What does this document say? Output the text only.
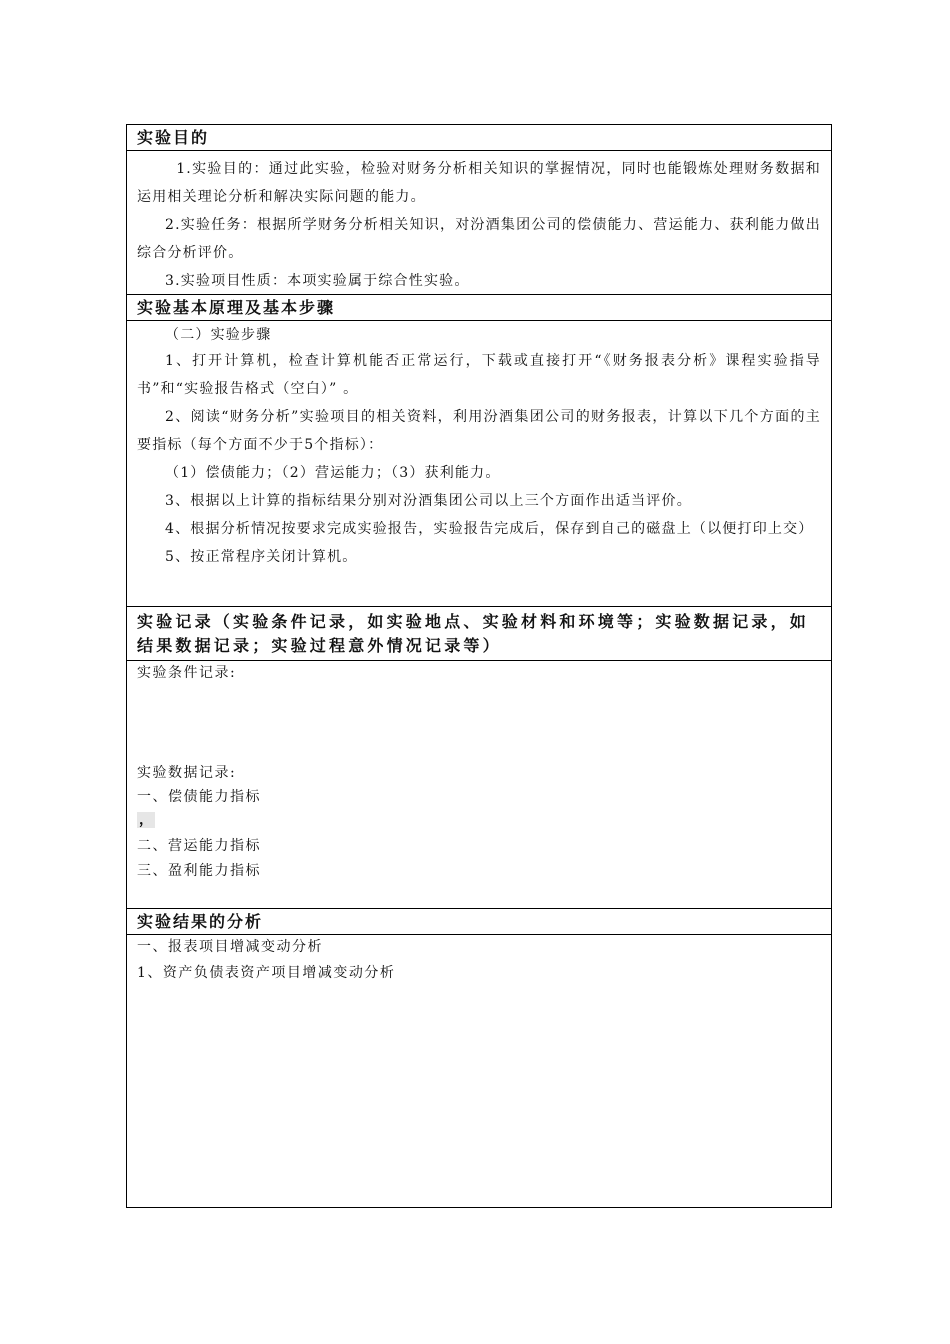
实验目的

1.实验目的：通过此实验，检验对财务分析相关知识的掌握情况，同时也能锻炼处理财务数据和运用相关理论分析和解决实际问题的能力。

2.实验任务：根据所学财务分析相关知识，对汾酒集团公司的偿债能力、营运能力、获利能力做出综合分析评价。

3.实验项目性质：本项实验属于综合性实验。

实验基本原理及基本步骤

（二）实验步骤

1、打开计算机，检查计算机能否正常运行，下载或直接打开“《财务报表分析》课程实验指导书”和“实验报告格式（空白）” 。

2、阅读“财务分析”实验项目的相关资料，利用汾酒集团公司的财务报表，计算以下几个方面的主要指标（每个方面不少于5个指标）：

（1）偿债能力；（2）营运能力；（3）获利能力。

3、根据以上计算的指标结果分别对汾酒集团公司以上三个方面作出适当评价。

4、根据分析情况按要求完成实验报告，实验报告完成后，保存到自己的磁盘上（以便打印上交）

5、按正常程序关闭计算机。

实验记录（实验条件记录，如实验地点、实验材料和环境等；实验数据记录，如结果数据记录；实验过程意外情况记录等）
实验条件记录:
实验数据记录:
一、偿债能力指标
，
二、营运能力指标
三、盈利能力指标
实验结果的分析
一、报表项目增减变动分析
1、资产负债表资产项目增减变动分析
